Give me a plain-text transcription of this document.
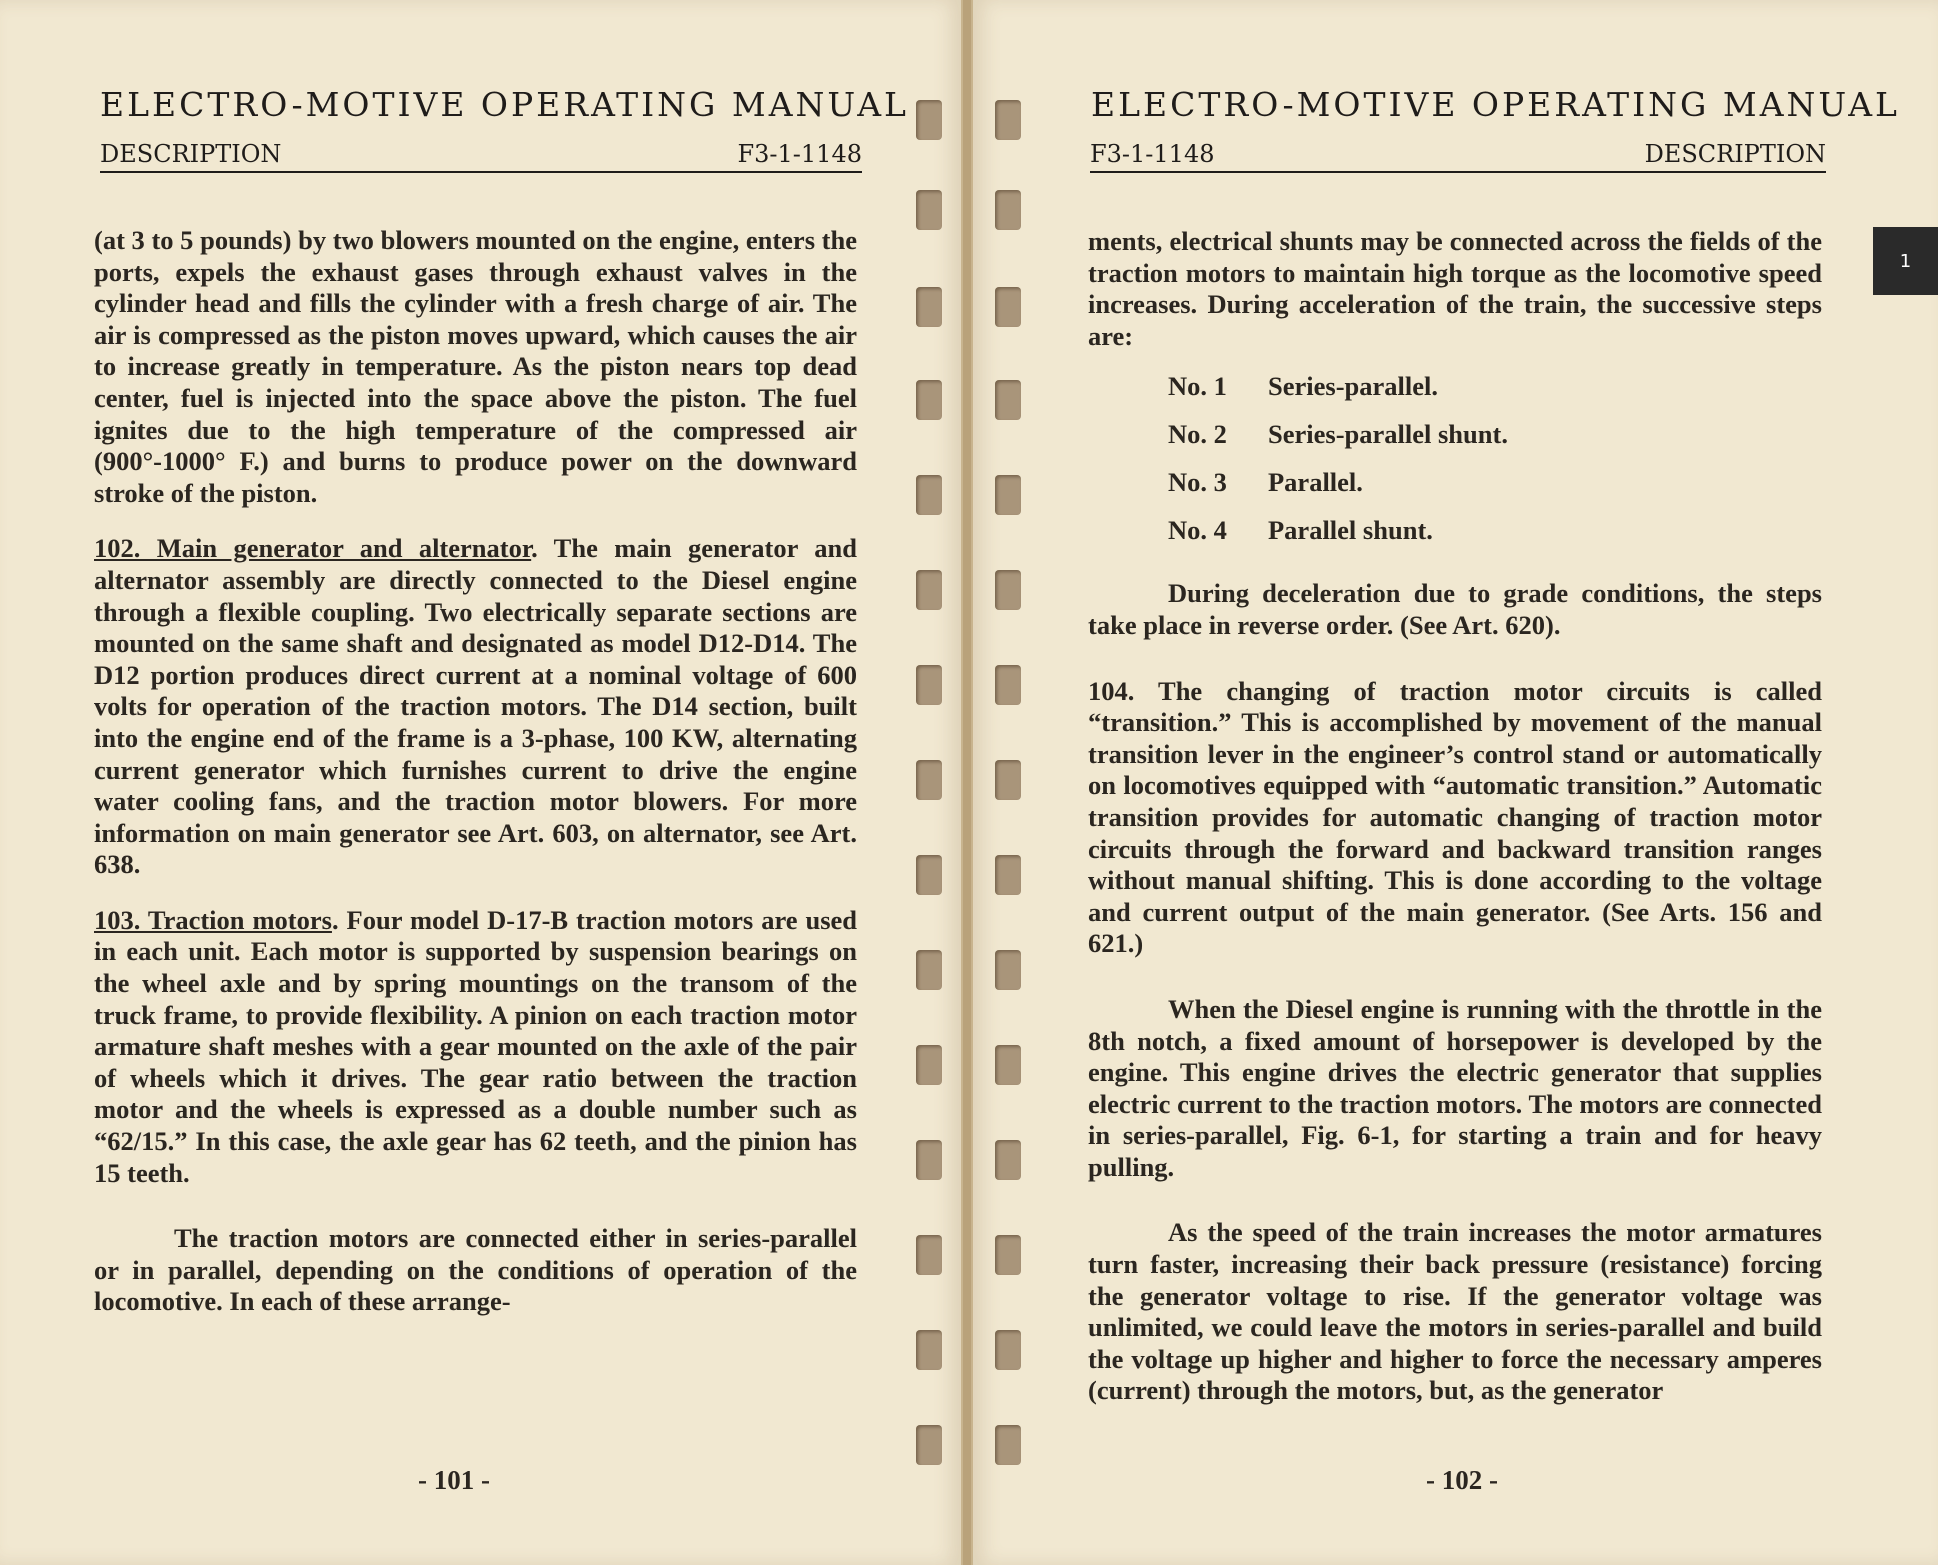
ELECTRO-MOTIVE OPERATING MANUAL
DESCRIPTION	F3-1-1148

(at 3 to 5 pounds) by two blowers mounted on the engine, enters the ports, expels the exhaust gases through exhaust valves in the cylinder head and fills the cylinder with a fresh charge of air. The air is compressed as the piston moves upward, which causes the air to increase greatly in temperature. As the piston nears top dead center, fuel is injected into the space above the piston. The fuel ignites due to the high temperature of the compressed air (900°-1000° F.) and burns to produce power on the downward stroke of the piston.

102. Main generator and alternator. The main generator and alternator assembly are directly connected to the Diesel engine through a flexible coupling. Two electrically separate sections are mounted on the same shaft and designated as model D12-D14. The D12 portion produces direct current at a nominal voltage of 600 volts for operation of the traction motors. The D14 section, built into the engine end of the frame is a 3-phase, 100 KW, alternating current generator which furnishes current to drive the engine water cooling fans, and the traction motor blowers. For more information on main generator see Art. 603, on alternator, see Art. 638.

103. Traction motors. Four model D-17-B traction motors are used in each unit. Each motor is supported by suspension bearings on the wheel axle and by spring mountings on the transom of the truck frame, to provide flexibility. A pinion on each traction motor armature shaft meshes with a gear mounted on the axle of the pair of wheels which it drives. The gear ratio between the traction motor and the wheels is expressed as a double number such as “62/15.” In this case, the axle gear has 62 teeth, and the pinion has 15 teeth.

The traction motors are connected either in series-parallel or in parallel, depending on the conditions of operation of the locomotive. In each of these arrange-

- 101 -
ELECTRO-MOTIVE OPERATING MANUAL
F3-1-1148	DESCRIPTION

ments, electrical shunts may be connected across the fields of the traction motors to maintain high torque as the locomotive speed increases. During acceleration of the train, the successive steps are:

No. 1 Series-parallel.
No. 2 Series-parallel shunt.
No. 3 Parallel.
No. 4 Parallel shunt.

During deceleration due to grade conditions, the steps take place in reverse order. (See Art. 620).

104. The changing of traction motor circuits is called “transition.” This is accomplished by movement of the manual transition lever in the engineer’s control stand or automatically on locomotives equipped with “automatic transition.” Automatic transition provides for automatic changing of traction motor circuits through the forward and backward transition ranges without manual shifting. This is done according to the voltage and current output of the main generator. (See Arts. 156 and 621.)

When the Diesel engine is running with the throttle in the 8th notch, a fixed amount of horsepower is developed by the engine. This engine drives the electric generator that supplies electric current to the traction motors. The motors are connected in series-parallel, Fig. 6-1, for starting a train and for heavy pulling.

As the speed of the train increases the motor armatures turn faster, increasing their back pressure (resistance) forcing the generator voltage to rise. If the generator voltage was unlimited, we could leave the motors in series-parallel and build the voltage up higher and higher to force the necessary amperes (current) through the motors, but, as the generator

- 102 -
1
